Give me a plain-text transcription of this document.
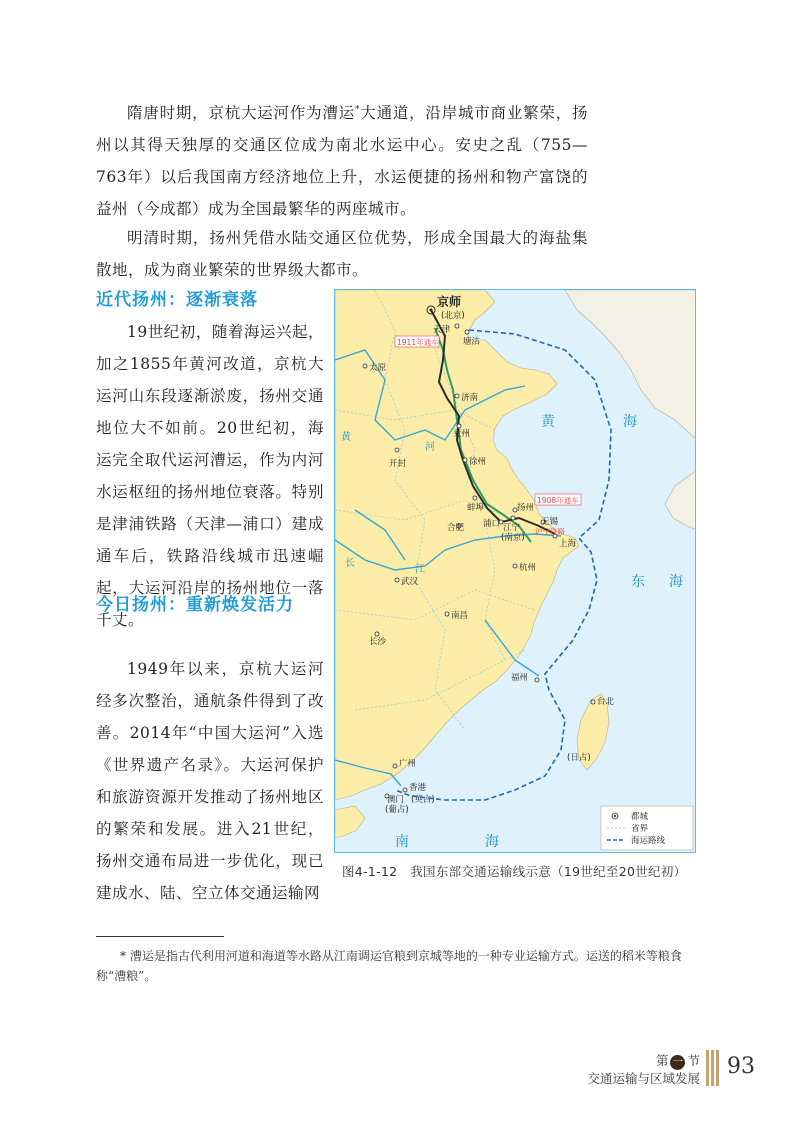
隋唐时期，京杭大运河作为漕运*大通道，沿岸城市商业繁荣，扬州以其得天独厚的交通区位成为南北水运中心。安史之乱（755—763年）以后我国南方经济地位上升，水运便捷的扬州和物产富饶的益州（今成都）成为全国最繁华的两座城市。

明清时期，扬州凭借水陆交通区位优势，形成全国最大的海盐集散地，成为商业繁荣的世界级大都市。

近代扬州：逐渐衰落

19世纪初，随着海运兴起，加之1855年黄河改道，京杭大运河山东段逐渐淤废，扬州交通地位大不如前。20世纪初，海运完全取代运河漕运，作为内河水运枢纽的扬州地位衰落。特别是津浦铁路（天津—浦口）建成通车后，铁路沿线城市迅速崛起，大运河沿岸的扬州地位一落千丈。

今日扬州：重新焕发活力

1949年以来，京杭大运河经多次整治，通航条件得到了改善。2014年“中国大运河”入选《世界遗产名录》。大运河保护和旅游资源开发推动了扬州地区的繁荣和发展。进入21世纪，扬州交通布局进一步优化，现已建成水、陆、空立体交通运输网

京师
(北京)
天津
塘沽
太原
济南
兖州
开封	徐州
扬州
蚌埠
无锡
浦口 江宁
(南京)
合肥
上海
武汉
杭州
南昌
长沙
福州
台北
(日占)
广州
香港
澳门 (英占)
(葡占)
1911年通车
1908年通车
沪宁铁路
黄
河
长
江
黄	海
东 海
南	海
都城
省界
海运路线
图4-1-12　我国东部交通运输线示意（19世纪至20世纪初）

* 漕运是指古代利用河道和海道等水路从江南调运官粮到京城等地的一种专业运输方式。运送的稻米等粮食称“漕粮”。

第 一 节
交通运输与区域发展 93
